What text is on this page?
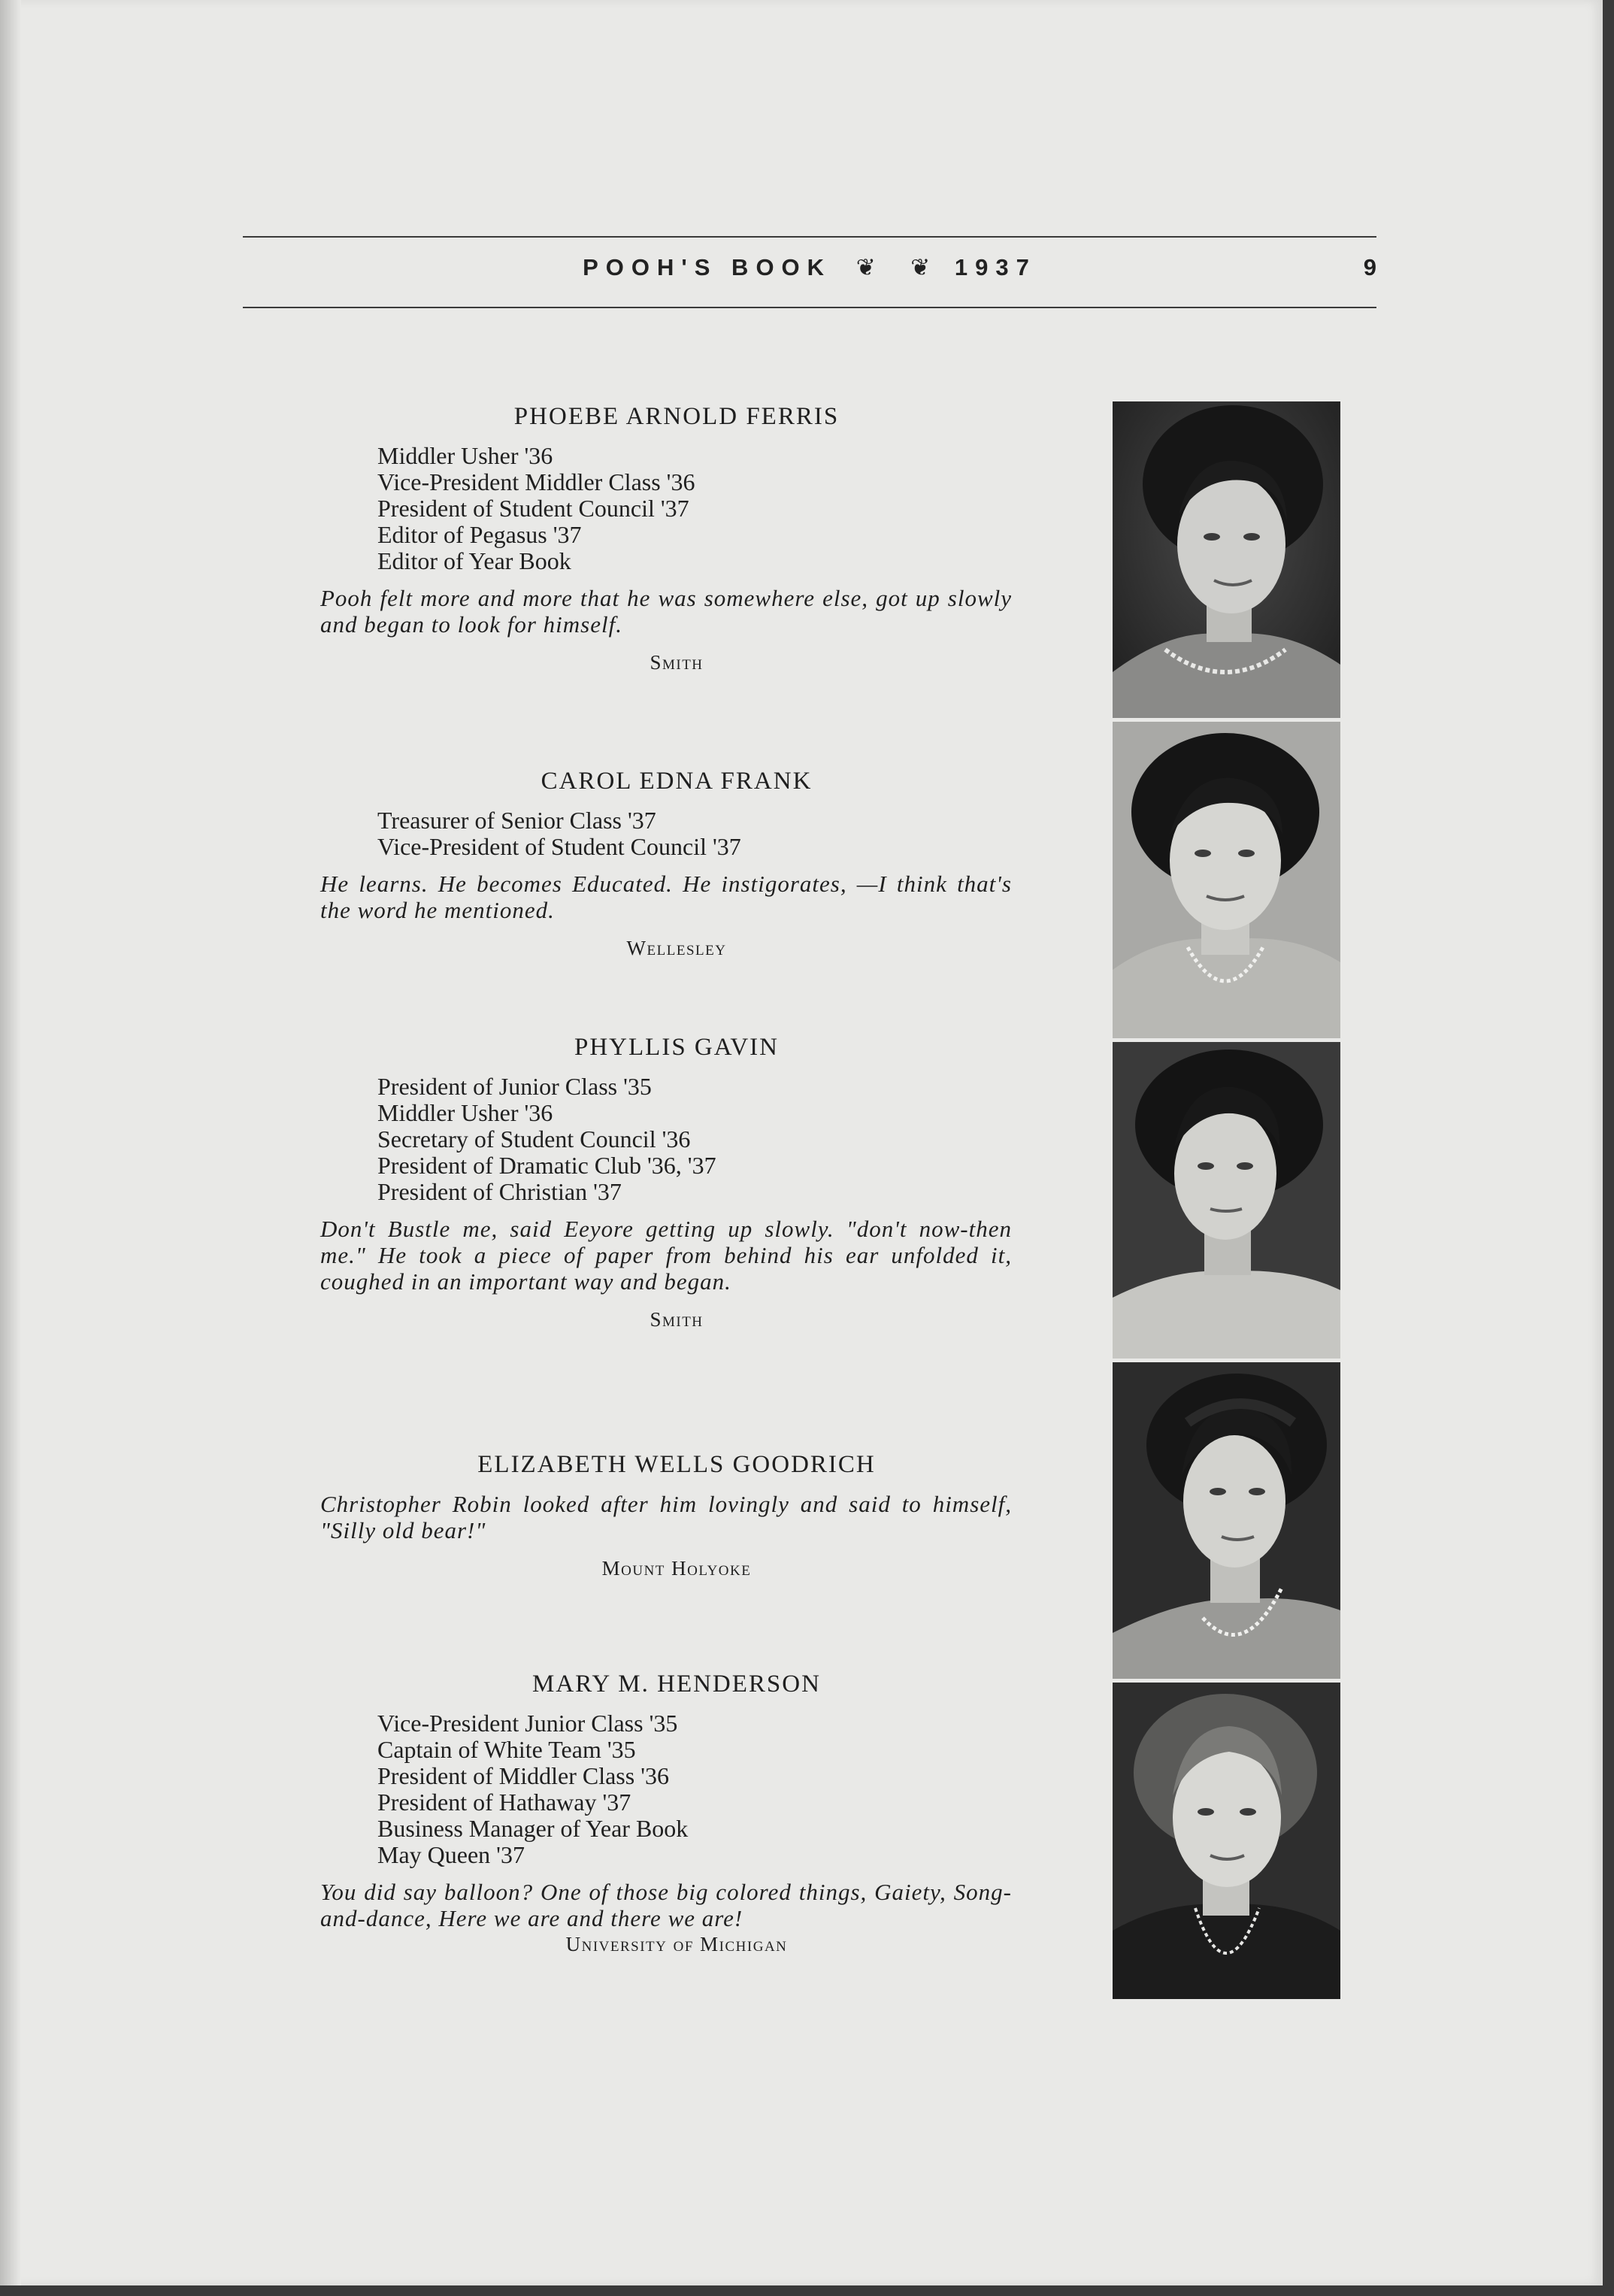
POOH'S BOOK ❦ ❦ 1937	9
PHOEBE ARNOLD FERRIS
Middler Usher '36
Vice-President Middler Class '36
President of Student Council '37
Editor of Pegasus '37
Editor of Year Book
Pooh felt more and more that he was somewhere else, got up slowly and began to look for himself.
Smith
CAROL EDNA FRANK
Treasurer of Senior Class '37
Vice-President of Student Council '37
He learns. He becomes Educated. He instigorates, —I think that's the word he mentioned.
Wellesley
PHYLLIS GAVIN
President of Junior Class '35
Middler Usher '36
Secretary of Student Council '36
President of Dramatic Club '36, '37
President of Christian '37
Don't Bustle me, said Eeyore getting up slowly. "don't now-then me." He took a piece of paper from behind his ear unfolded it, coughed in an important way and began.
Smith
ELIZABETH WELLS GOODRICH
Christopher Robin looked after him lovingly and said to himself, "Silly old bear!"
Mount Holyoke
MARY M. HENDERSON
Vice-President Junior Class '35
Captain of White Team '35
President of Middler Class '36
President of Hathaway '37
Business Manager of Year Book
May Queen '37
You did say balloon? One of those big colored things, Gaiety, Song-and-dance, Here we are and there we are!
University of Michigan
